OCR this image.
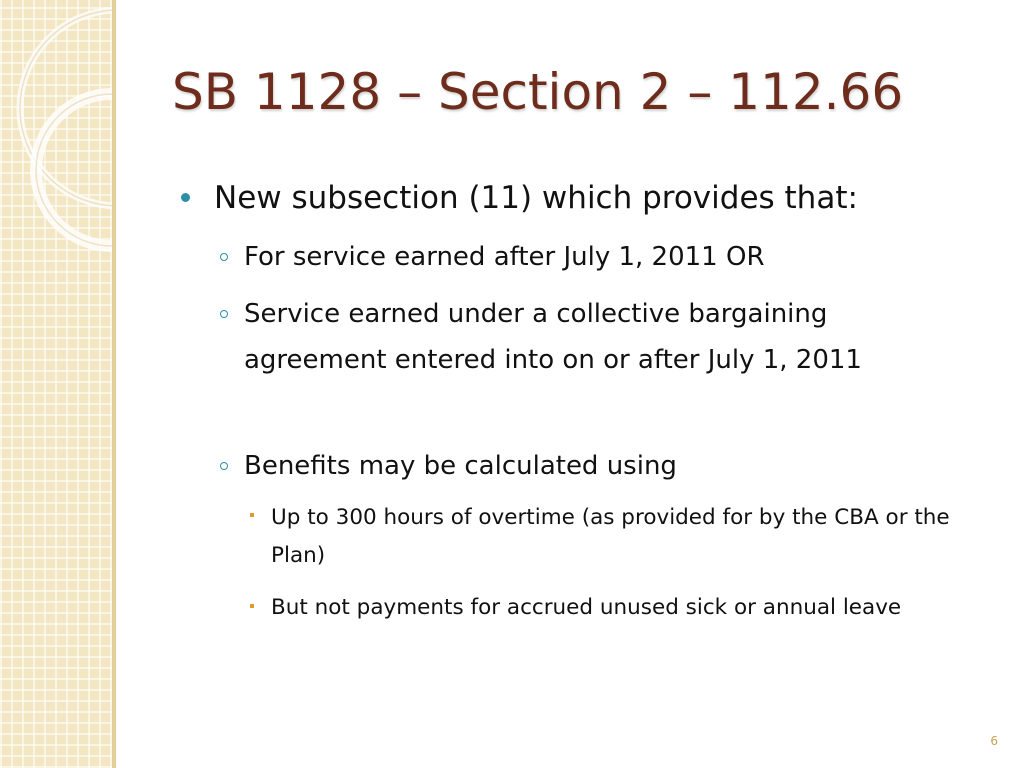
SB 1128 – Section 2 – 112.66
New subsection (11) which provides that:
For service earned after July 1, 2011 OR
Service earned under a collective bargaining agreement entered into on or after July 1, 2011
Benefits may be calculated using
Up to 300 hours of overtime (as provided for by the CBA or the Plan)
But not payments for accrued unused sick or annual leave
6
